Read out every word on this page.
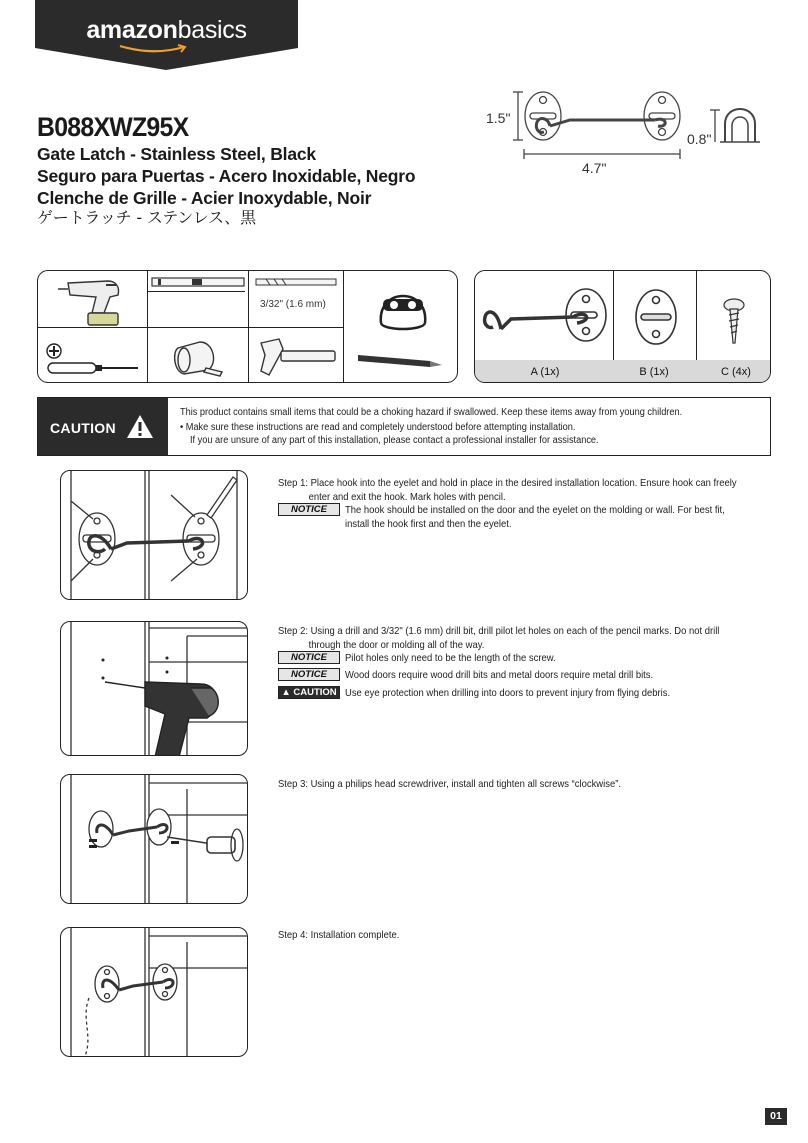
amazonbasics
B088XWZ95X
Gate Latch - Stainless Steel, Black
Seguro para Puertas - Acero Inoxidable, Negro
Clenche de Grille - Acier Inoxydable, Noir
ゲートラッチ - ステンレス、黒
1.5"
4.7"
0.8"
3/32" (1.6 mm)
A (1x)	B (1x)	C (4x)
CAUTION
This product contains small items that could be a choking hazard if swallowed. Keep these items away from young children.
• Make sure these instructions are read and completely understood before attempting installation.
If you are unsure of any part of this installation, please contact a professional installer for assistance.
Step 1: Place hook into the eyelet and hold in place in the desired installation location. Ensure hook can freely
enter and exit the hook. Mark holes with pencil.
NOTICE	The hook should be installed on the door and the eyelet on the molding or wall. For best fit,
install the hook first and then the eyelet.
Step 2: Using a drill and 3/32" (1.6 mm) drill bit, drill pilot let holes on each of the pencil marks. Do not drill
through the door or molding all of the way.
NOTICE	Pilot holes only need to be the length of the screw.
NOTICE	Wood doors require wood drill bits and metal doors require metal drill bits.
▲ CAUTION Use eye protection when drilling into doors to prevent injury from flying debris.
Step 3: Using a philips head screwdriver, install and tighten all screws “clockwise”.
Step 4: Installation complete.
01
